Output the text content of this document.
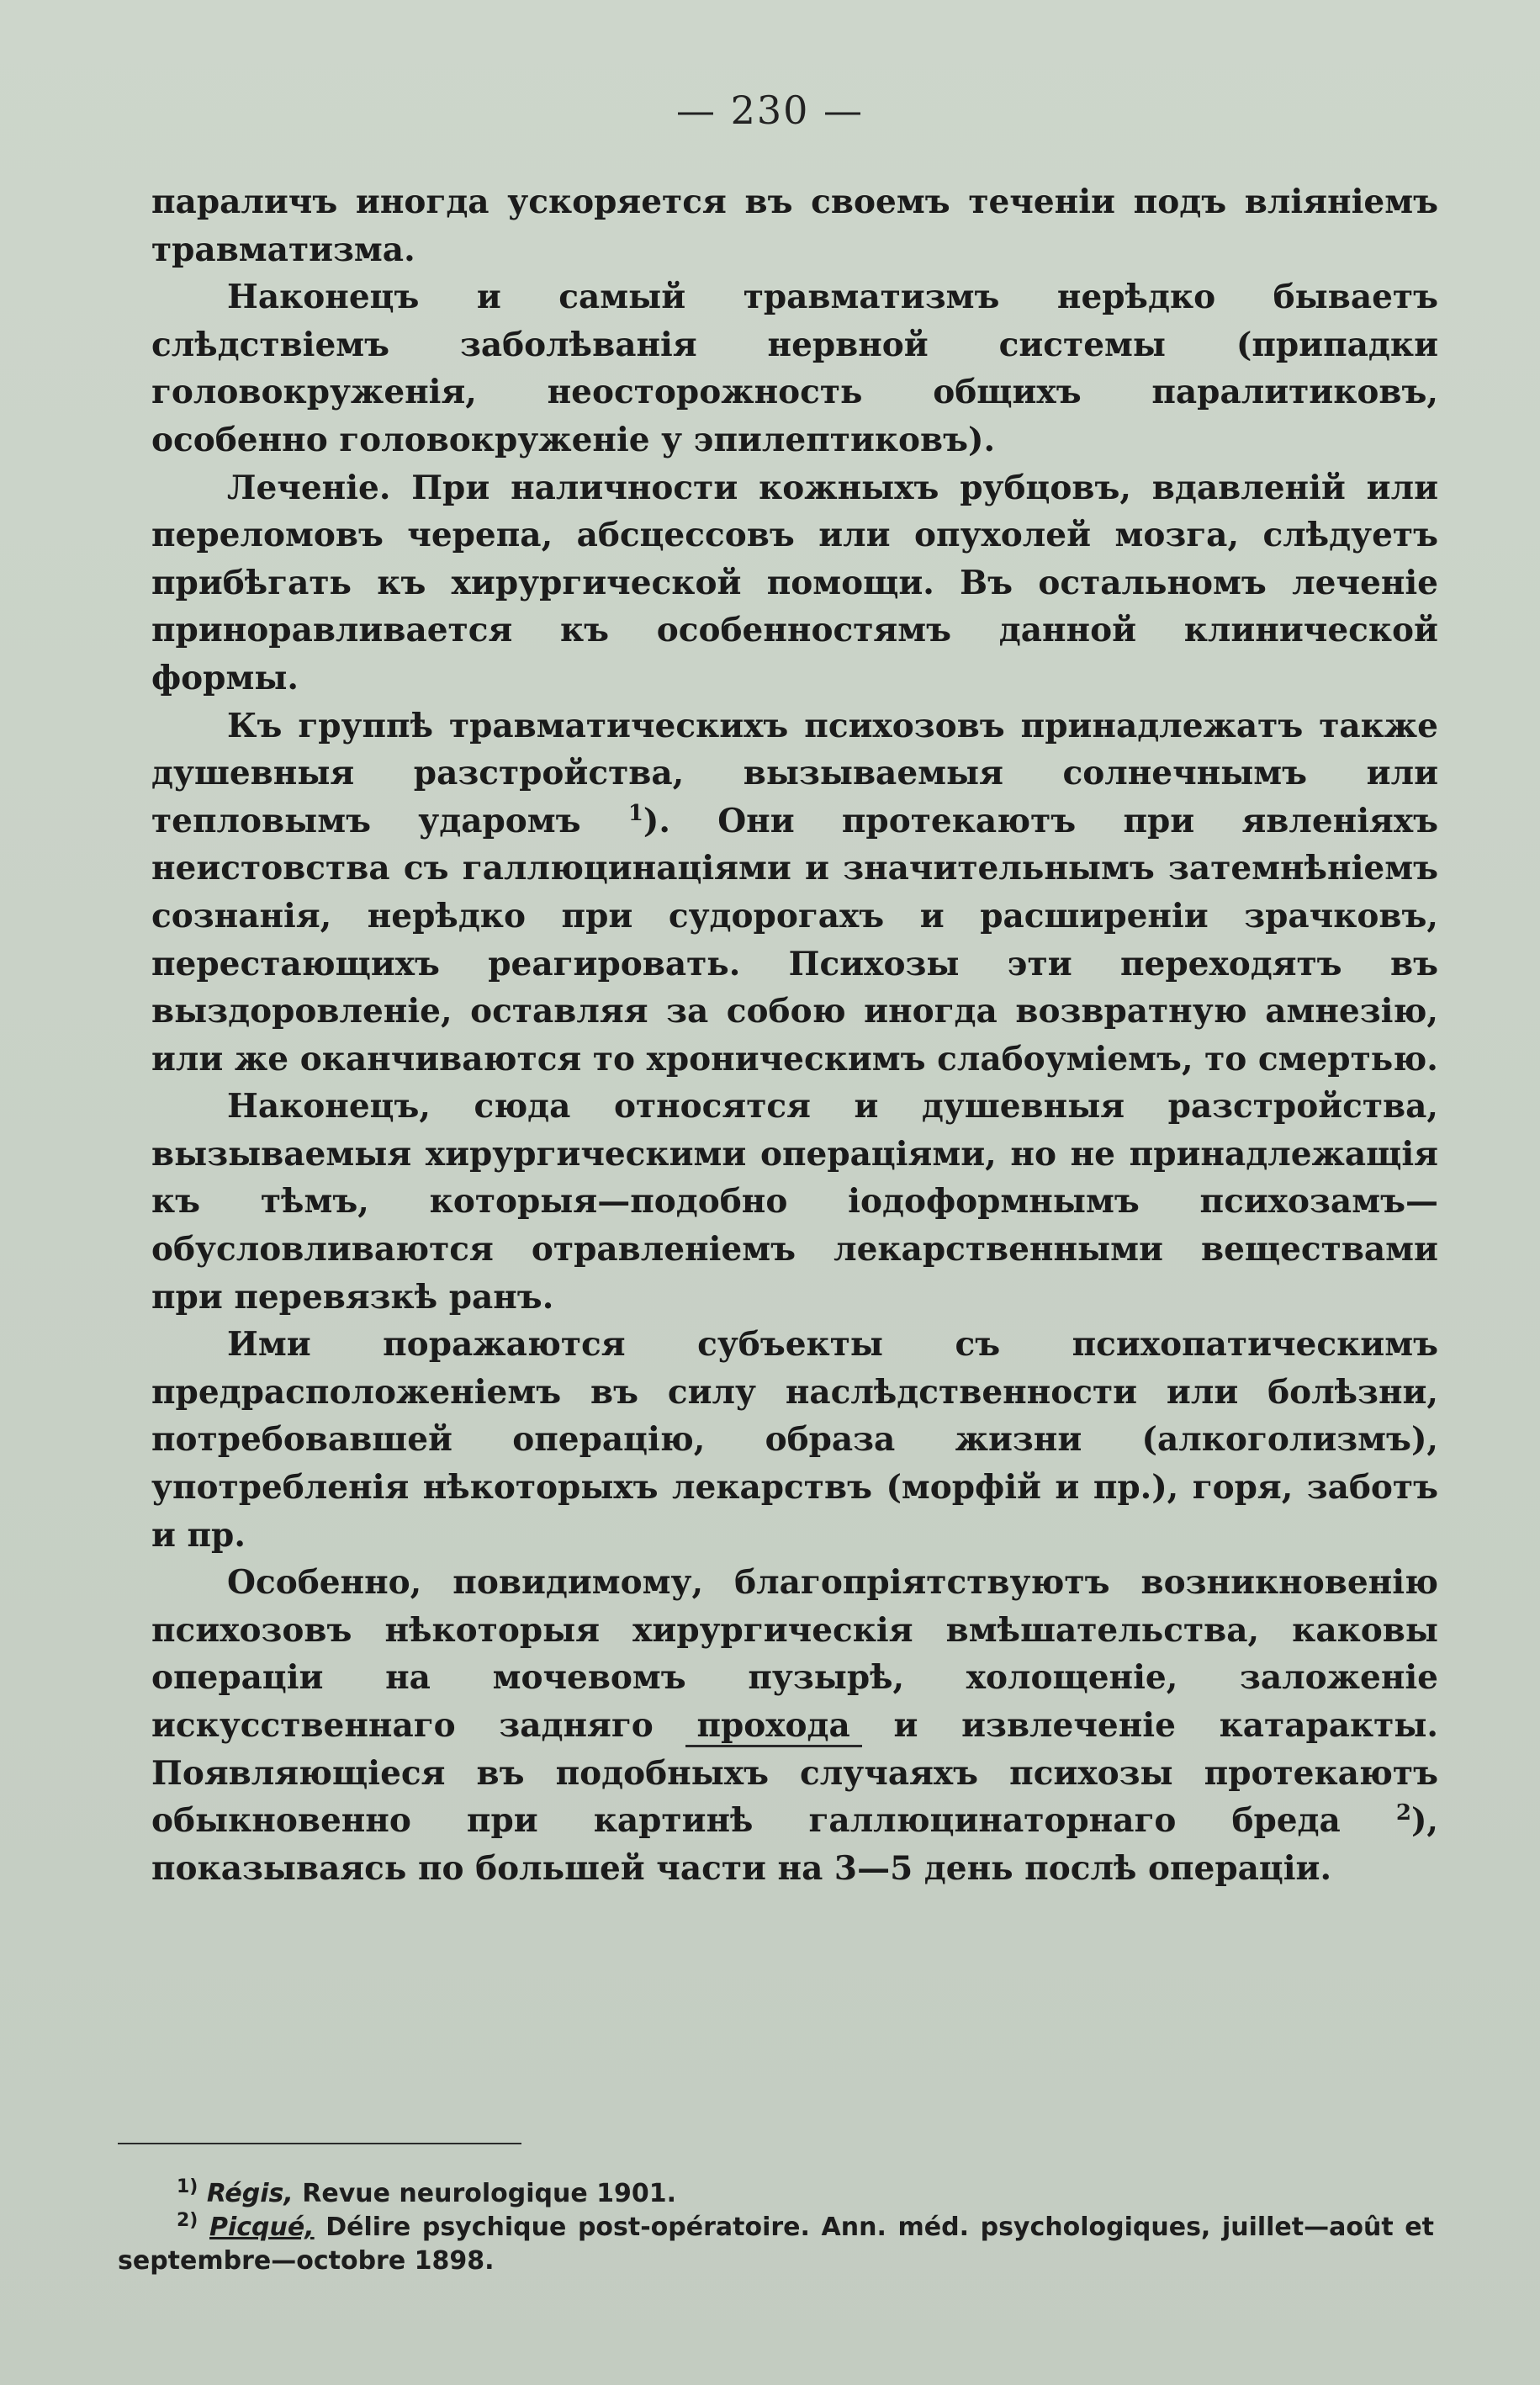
— 230 —

параличъ иногда ускоряется въ своемъ теченіи подъ вліяніемъ травматизма.

Наконецъ и самый травматизмъ нерѣдко бываетъ слѣдствіемъ заболѣванія нервной системы (припадки головокруженія, неосторожность общихъ паралитиковъ, особенно головокруженіе у эпилептиковъ).

Леченіе. При наличности кожныхъ рубцовъ, вдавленій или переломовъ черепа, абсцессовъ или опухолей мозга, слѣдуетъ прибѣгать къ хирургической помощи. Въ остальномъ леченіе приноравливается къ особенностямъ данной клинической формы.

Къ группѣ травматическихъ психозовъ принадлежатъ также душевныя разстройства, вызываемыя солнечнымъ или тепловымъ ударомъ $^1$). Они протекаютъ при явленіяхъ неистовства съ галлюцинаціями и значительнымъ затемнѣніемъ сознанія, нерѣдко при судорогахъ и расширеніи зрачковъ, перестающихъ реагировать. Психозы эти переходятъ въ выздоровленіе, оставляя за собою иногда возвратную амнезію, или же оканчиваются то хроническимъ слабоуміемъ, то смертью.

Наконецъ, сюда относятся и душевныя разстройства, вызываемыя хирургическими операціями, но не принадлежащія къ тѣмъ, которыя—подобно іодоформнымъ психозамъ—обусловливаются отравленіемъ лекарственными веществами при перевязкѣ ранъ.

Ими поражаются субъекты съ психопатическимъ предрасположеніемъ въ силу наслѣдственности или болѣзни, потребовавшей операцію, образа жизни (алкоголизмъ), употребленія нѣкоторыхъ лекарствъ (морфій и пр.), горя, заботъ и пр.

Особенно, повидимому, благопріятствуютъ возникновенію психозовъ нѣкоторыя хирургическія вмѣшательства, каковы операціи на мочевомъ пузырѣ, холощеніе, заложеніе искусственнаго задняго прохода и извлеченіе катаракты. Появляющіеся въ подобныхъ случаяхъ психозы протекаютъ обыкновенно при картинѣ галлюцинаторнаго бреда	$^2$), показываясь по большей части на 3—5 день послѣ операціи.

$^{1)}$ Régis, Revue neurologique 1901.

$^{2)}$ Picqué, Délire psychique post-opératoire. Ann. méd. psychologiques, juillet—août et septembre—octobre 1898.
